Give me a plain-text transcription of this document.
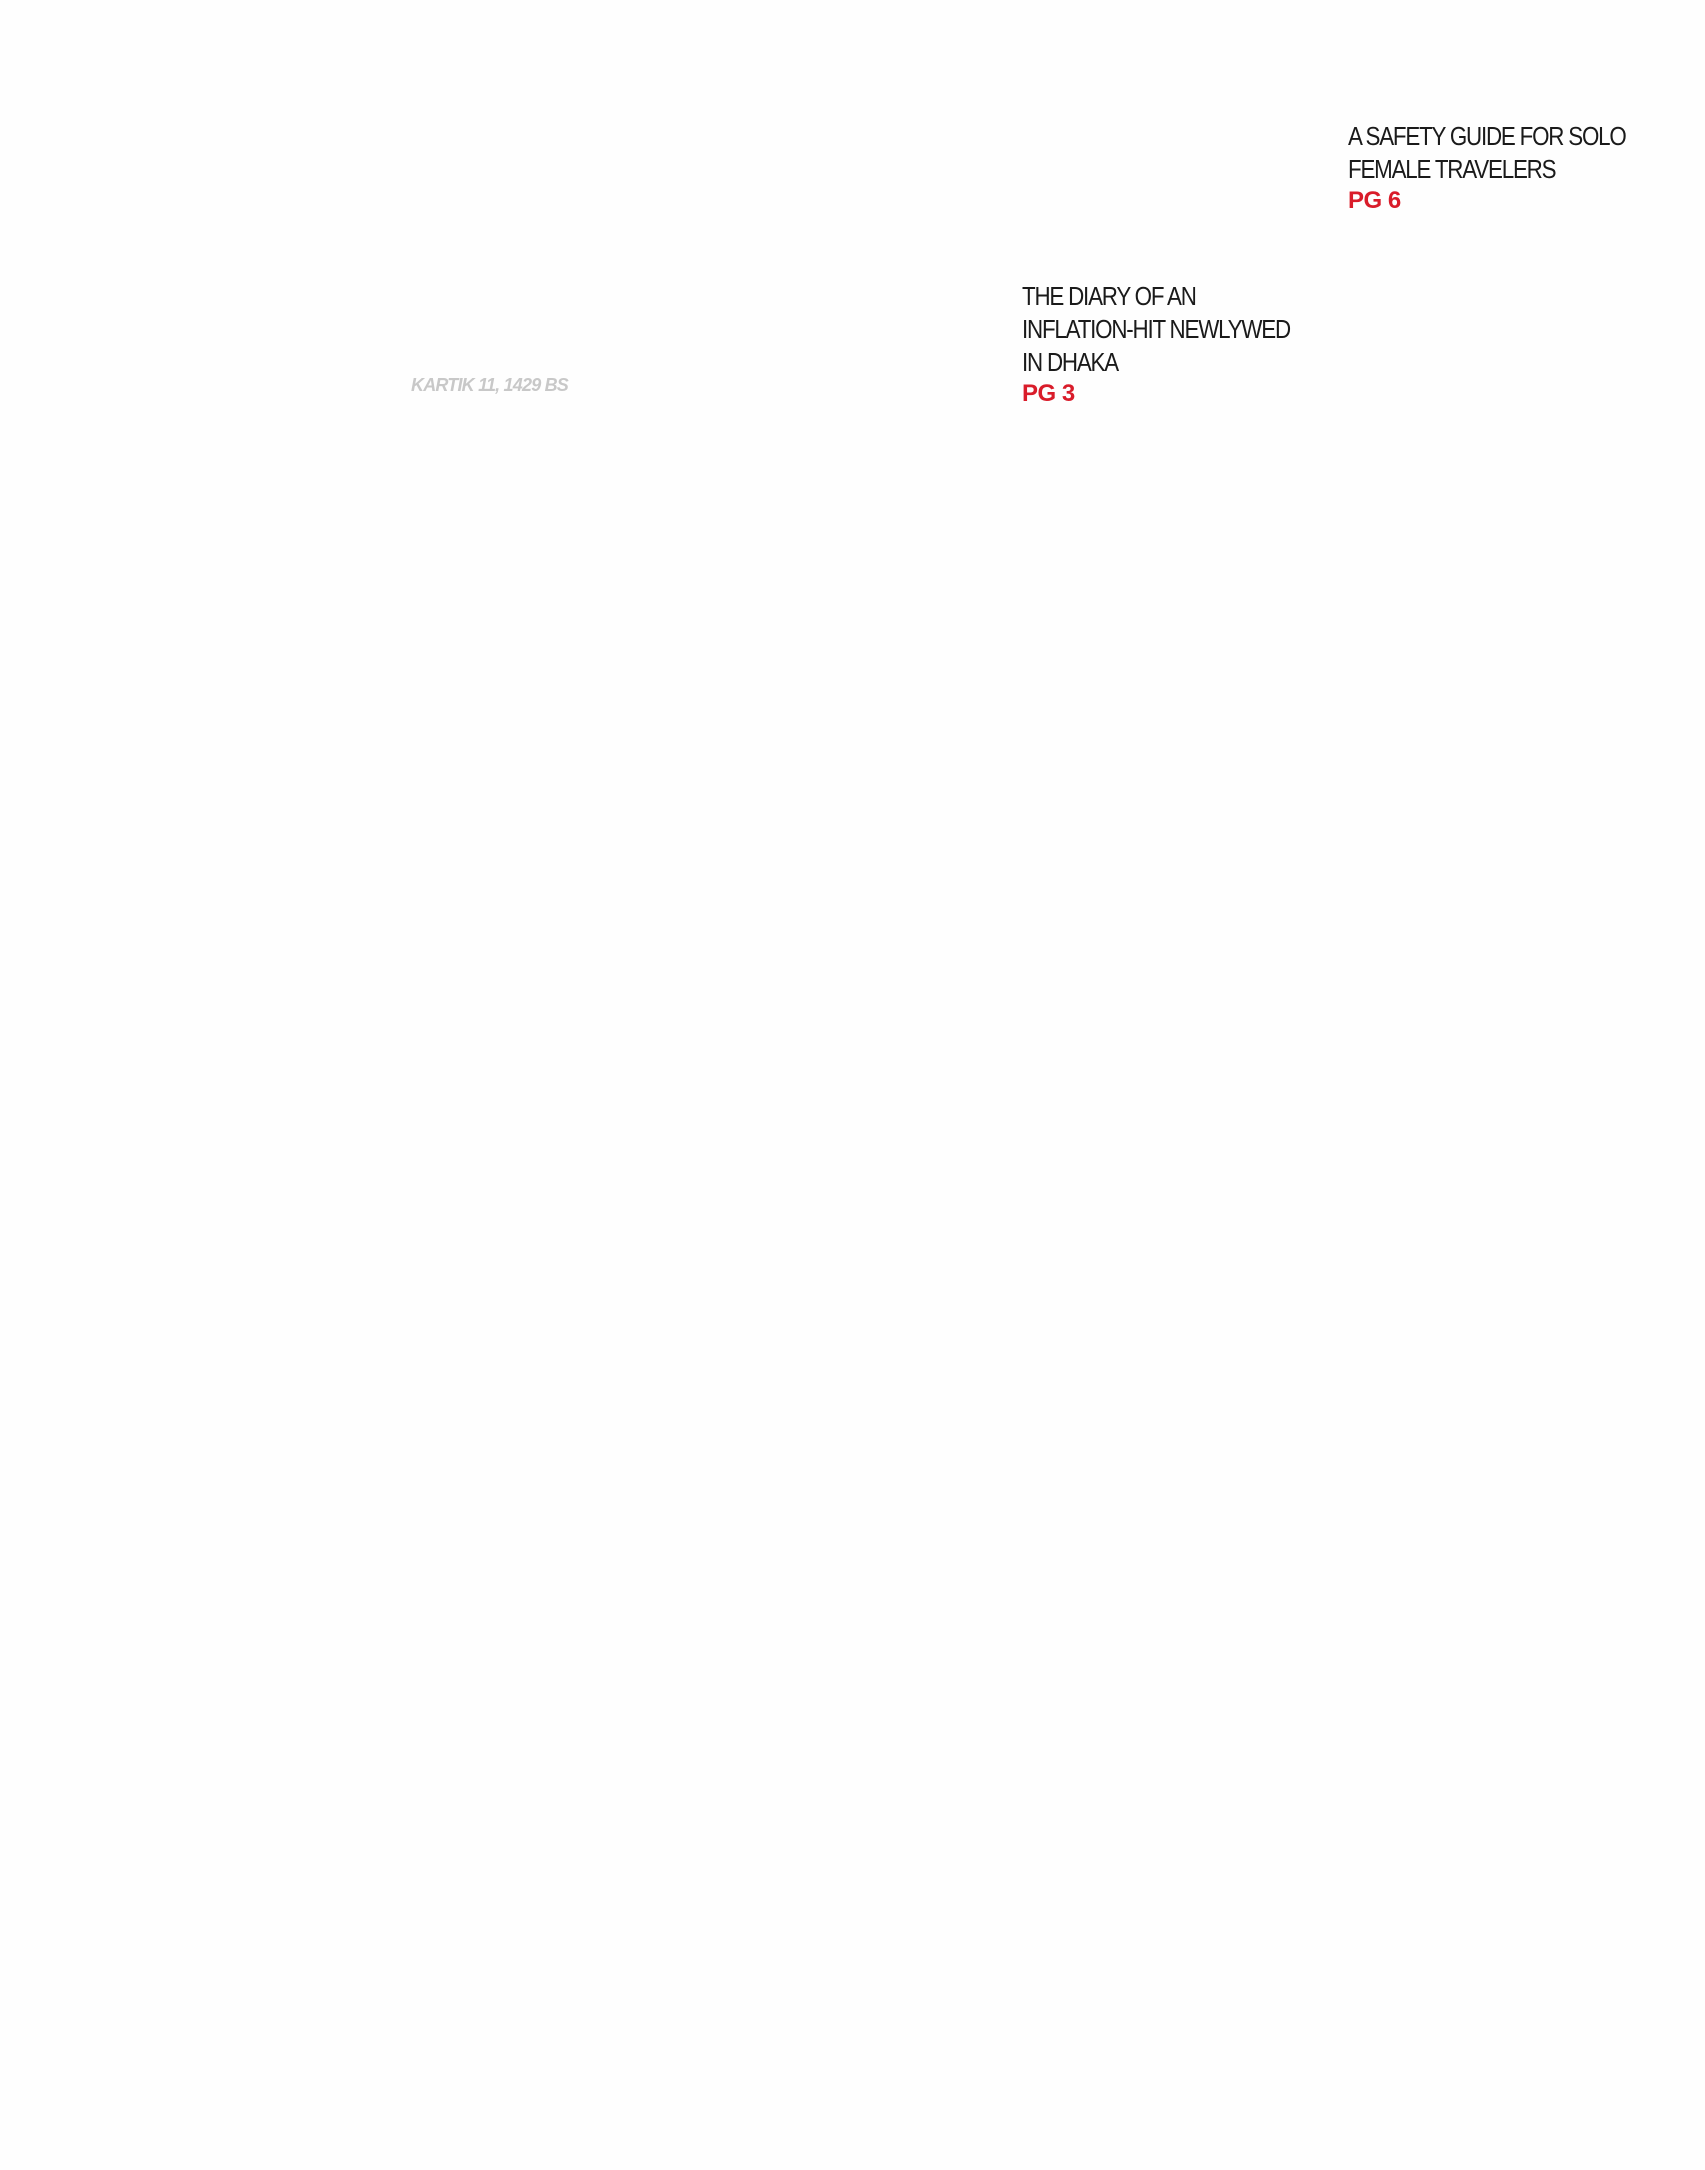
A SAFETY GUIDE FOR SOLO
FEMALE TRAVELERS
PG 6
THE DIARY OF AN
INFLATION-HIT NEWLYWED
IN DHAKA
PG 3
KARTIK 11, 1429 BS
